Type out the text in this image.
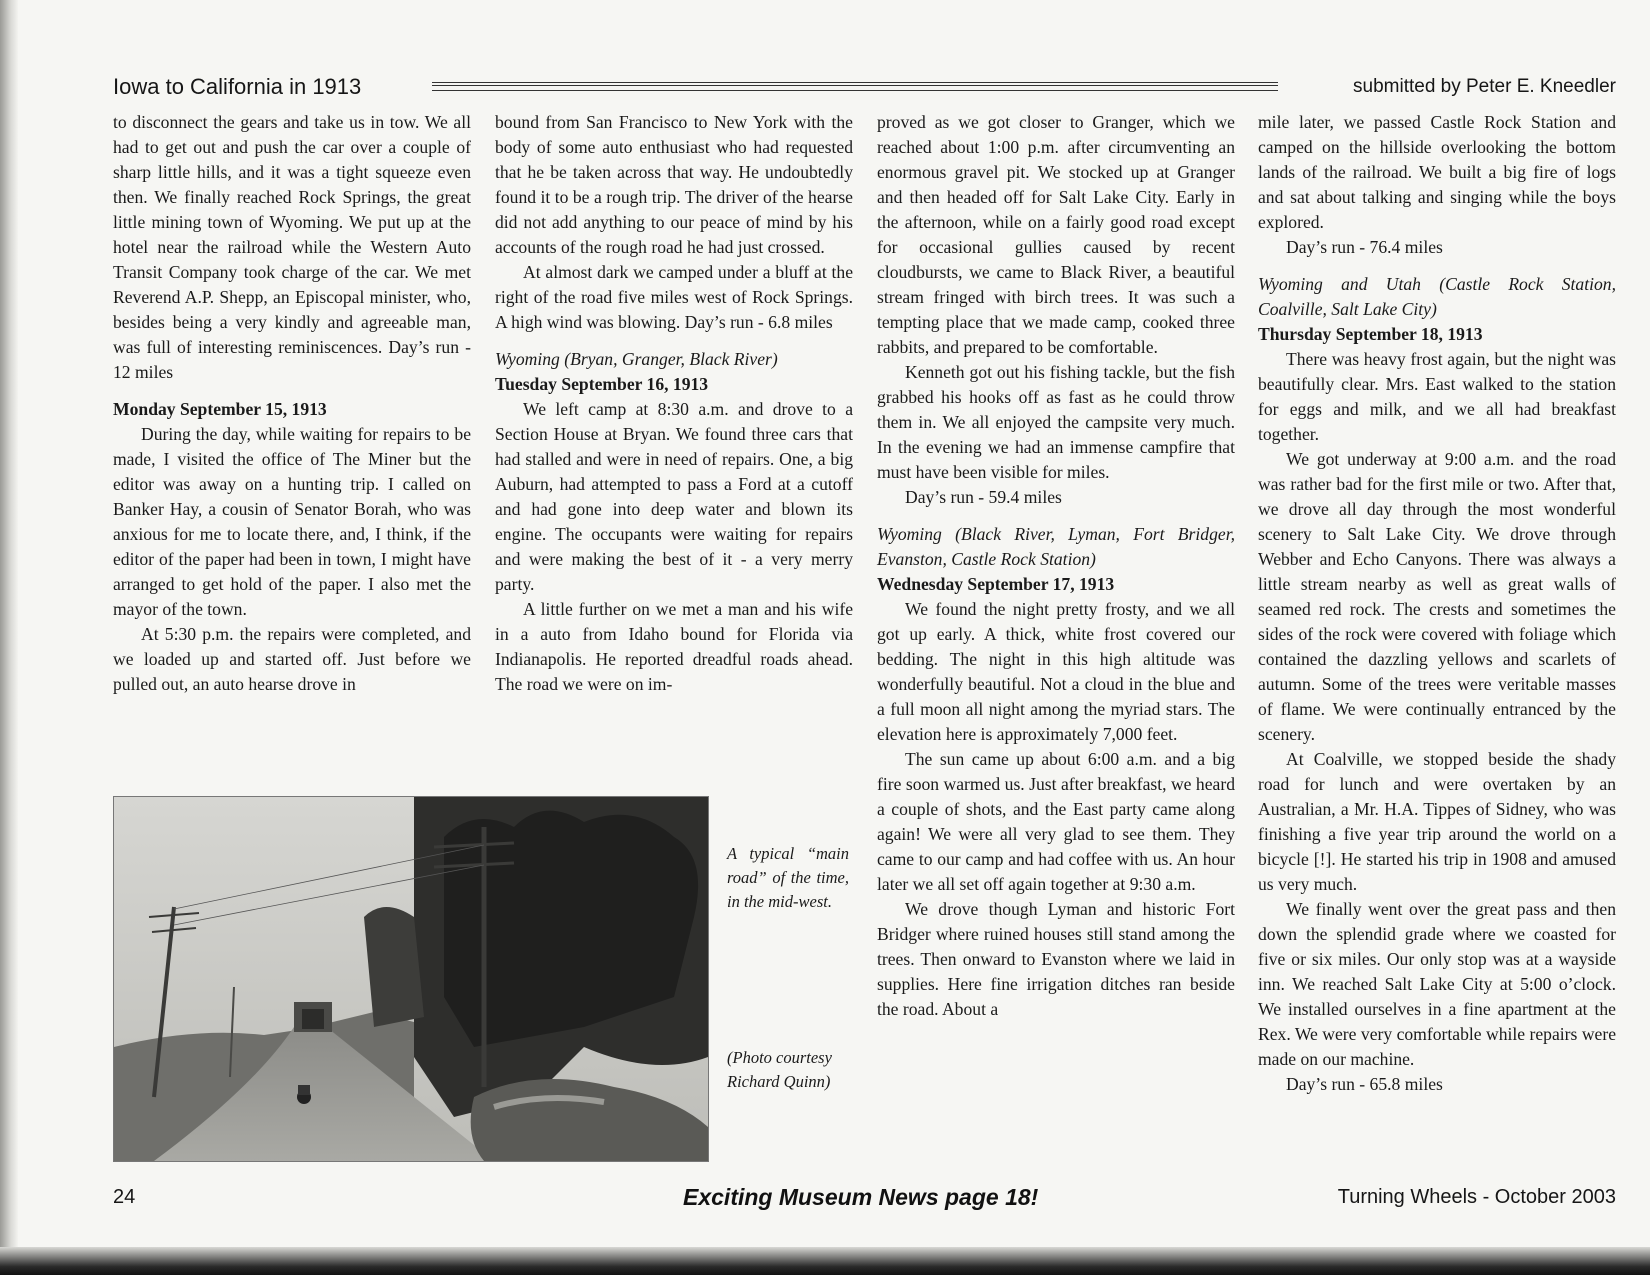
Iowa to California in 1913	submitted by Peter E. Kneedler

to disconnect the gears and take us in tow. We all had to get out and push the car over a couple of sharp little hills, and it was a tight squeeze even then. We finally reached Rock Springs, the great little mining town of Wyoming. We put up at the hotel near the railroad while the Western Auto Transit Company took charge of the car. We met Reverend A.P. Shepp, an Episcopal minister, who, besides being a very kindly and agreeable man, was full of interesting reminiscences. Day’s run - 12 miles

Monday September 15, 1913

During the day, while waiting for repairs to be made, I visited the office of The Miner but the editor was away on a hunting trip. I called on Banker Hay, a cousin of Senator Borah, who was anxious for me to locate there, and, I think, if the editor of the paper had been in town, I might have arranged to get hold of the paper. I also met the mayor of the town.

At 5:30 p.m. the repairs were completed, and we loaded up and started off. Just before we pulled out, an auto hearse drove in

bound from San Francisco to New York with the body of some auto enthusiast who had requested that he be taken across that way. He undoubtedly found it to be a rough trip. The driver of the hearse did not add anything to our peace of mind by his accounts of the rough road he had just crossed.

At almost dark we camped under a bluff at the right of the road five miles west of Rock Springs. A high wind was blowing. Day’s run - 6.8 miles

Wyoming (Bryan, Granger, Black River)

Tuesday September 16, 1913

We left camp at 8:30 a.m. and drove to a Section House at Bryan. We found three cars that had stalled and were in need of repairs. One, a big Auburn, had attempted to pass a Ford at a cutoff and had gone into deep water and blown its engine. The occupants were waiting for repairs and were making the best of it - a very merry party.

A little further on we met a man and his wife in a auto from Idaho bound for Florida via Indianapolis. He reported dreadful roads ahead. The road we were on im-

proved as we got closer to Granger, which we reached about 1:00 p.m. after circumventing an enormous gravel pit. We stocked up at Granger and then headed off for Salt Lake City. Early in the afternoon, while on a fairly good road except for occasional gullies caused by recent cloudbursts, we came to Black River, a beautiful stream fringed with birch trees. It was such a tempting place that we made camp, cooked three rabbits, and prepared to be comfortable.

Kenneth got out his fishing tackle, but the fish grabbed his hooks off as fast as he could throw them in. We all enjoyed the campsite very much. In the evening we had an immense campfire that must have been visible for miles.

Day’s run - 59.4 miles

Wyoming (Black River, Lyman, Fort Bridger, Evanston, Castle Rock Station)

Wednesday September 17, 1913

We found the night pretty frosty, and we all got up early. A thick, white frost covered our bedding. The night in this high altitude was wonderfully beautiful. Not a cloud in the blue and a full moon all night among the myriad stars. The elevation here is approximately 7,000 feet.

The sun came up about 6:00 a.m. and a big fire soon warmed us. Just after breakfast, we heard a couple of shots, and the East party came along again! We were all very glad to see them. They came to our camp and had coffee with us. An hour later we all set off again together at 9:30 a.m.

We drove though Lyman and historic Fort Bridger where ruined houses still stand among the trees. Then onward to Evanston where we laid in supplies. Here fine irrigation ditches ran beside the road. About a

mile later, we passed Castle Rock Station and camped on the hillside overlooking the bottom lands of the railroad. We built a big fire of logs and sat about talking and singing while the boys explored.

Day’s run - 76.4 miles

Wyoming and Utah (Castle Rock Station, Coalville, Salt Lake City)

Thursday September 18, 1913

There was heavy frost again, but the night was beautifully clear. Mrs. East walked to the station for eggs and milk, and we all had breakfast together.

We got underway at 9:00 a.m. and the road was rather bad for the first mile or two. After that, we drove all day through the most wonderful scenery to Salt Lake City. We drove through Webber and Echo Canyons. There was always a little stream nearby as well as great walls of seamed red rock. The crests and sometimes the sides of the rock were covered with foliage which contained the dazzling yellows and scarlets of autumn. Some of the trees were veritable masses of flame. We were continually entranced by the scenery.

At Coalville, we stopped beside the shady road for lunch and were overtaken by an Australian, a Mr. H.A. Tippes of Sidney, who was finishing a five year trip around the world on a bicycle [!]. He started his trip in 1908 and amused us very much.

We finally went over the great pass and then down the splendid grade where we coasted for five or six miles. Our only stop was at a wayside inn. We reached Salt Lake City at 5:00 o’clock. We installed ourselves in a fine apartment at the Rex. We were very comfortable while repairs were made on our machine.

Day’s run - 65.8 miles

A typical “main road” of the time, in the mid-west.
(Photo courtesy Richard Quinn)
24	Exciting Museum News page 18!	Turning Wheels - October 2003
